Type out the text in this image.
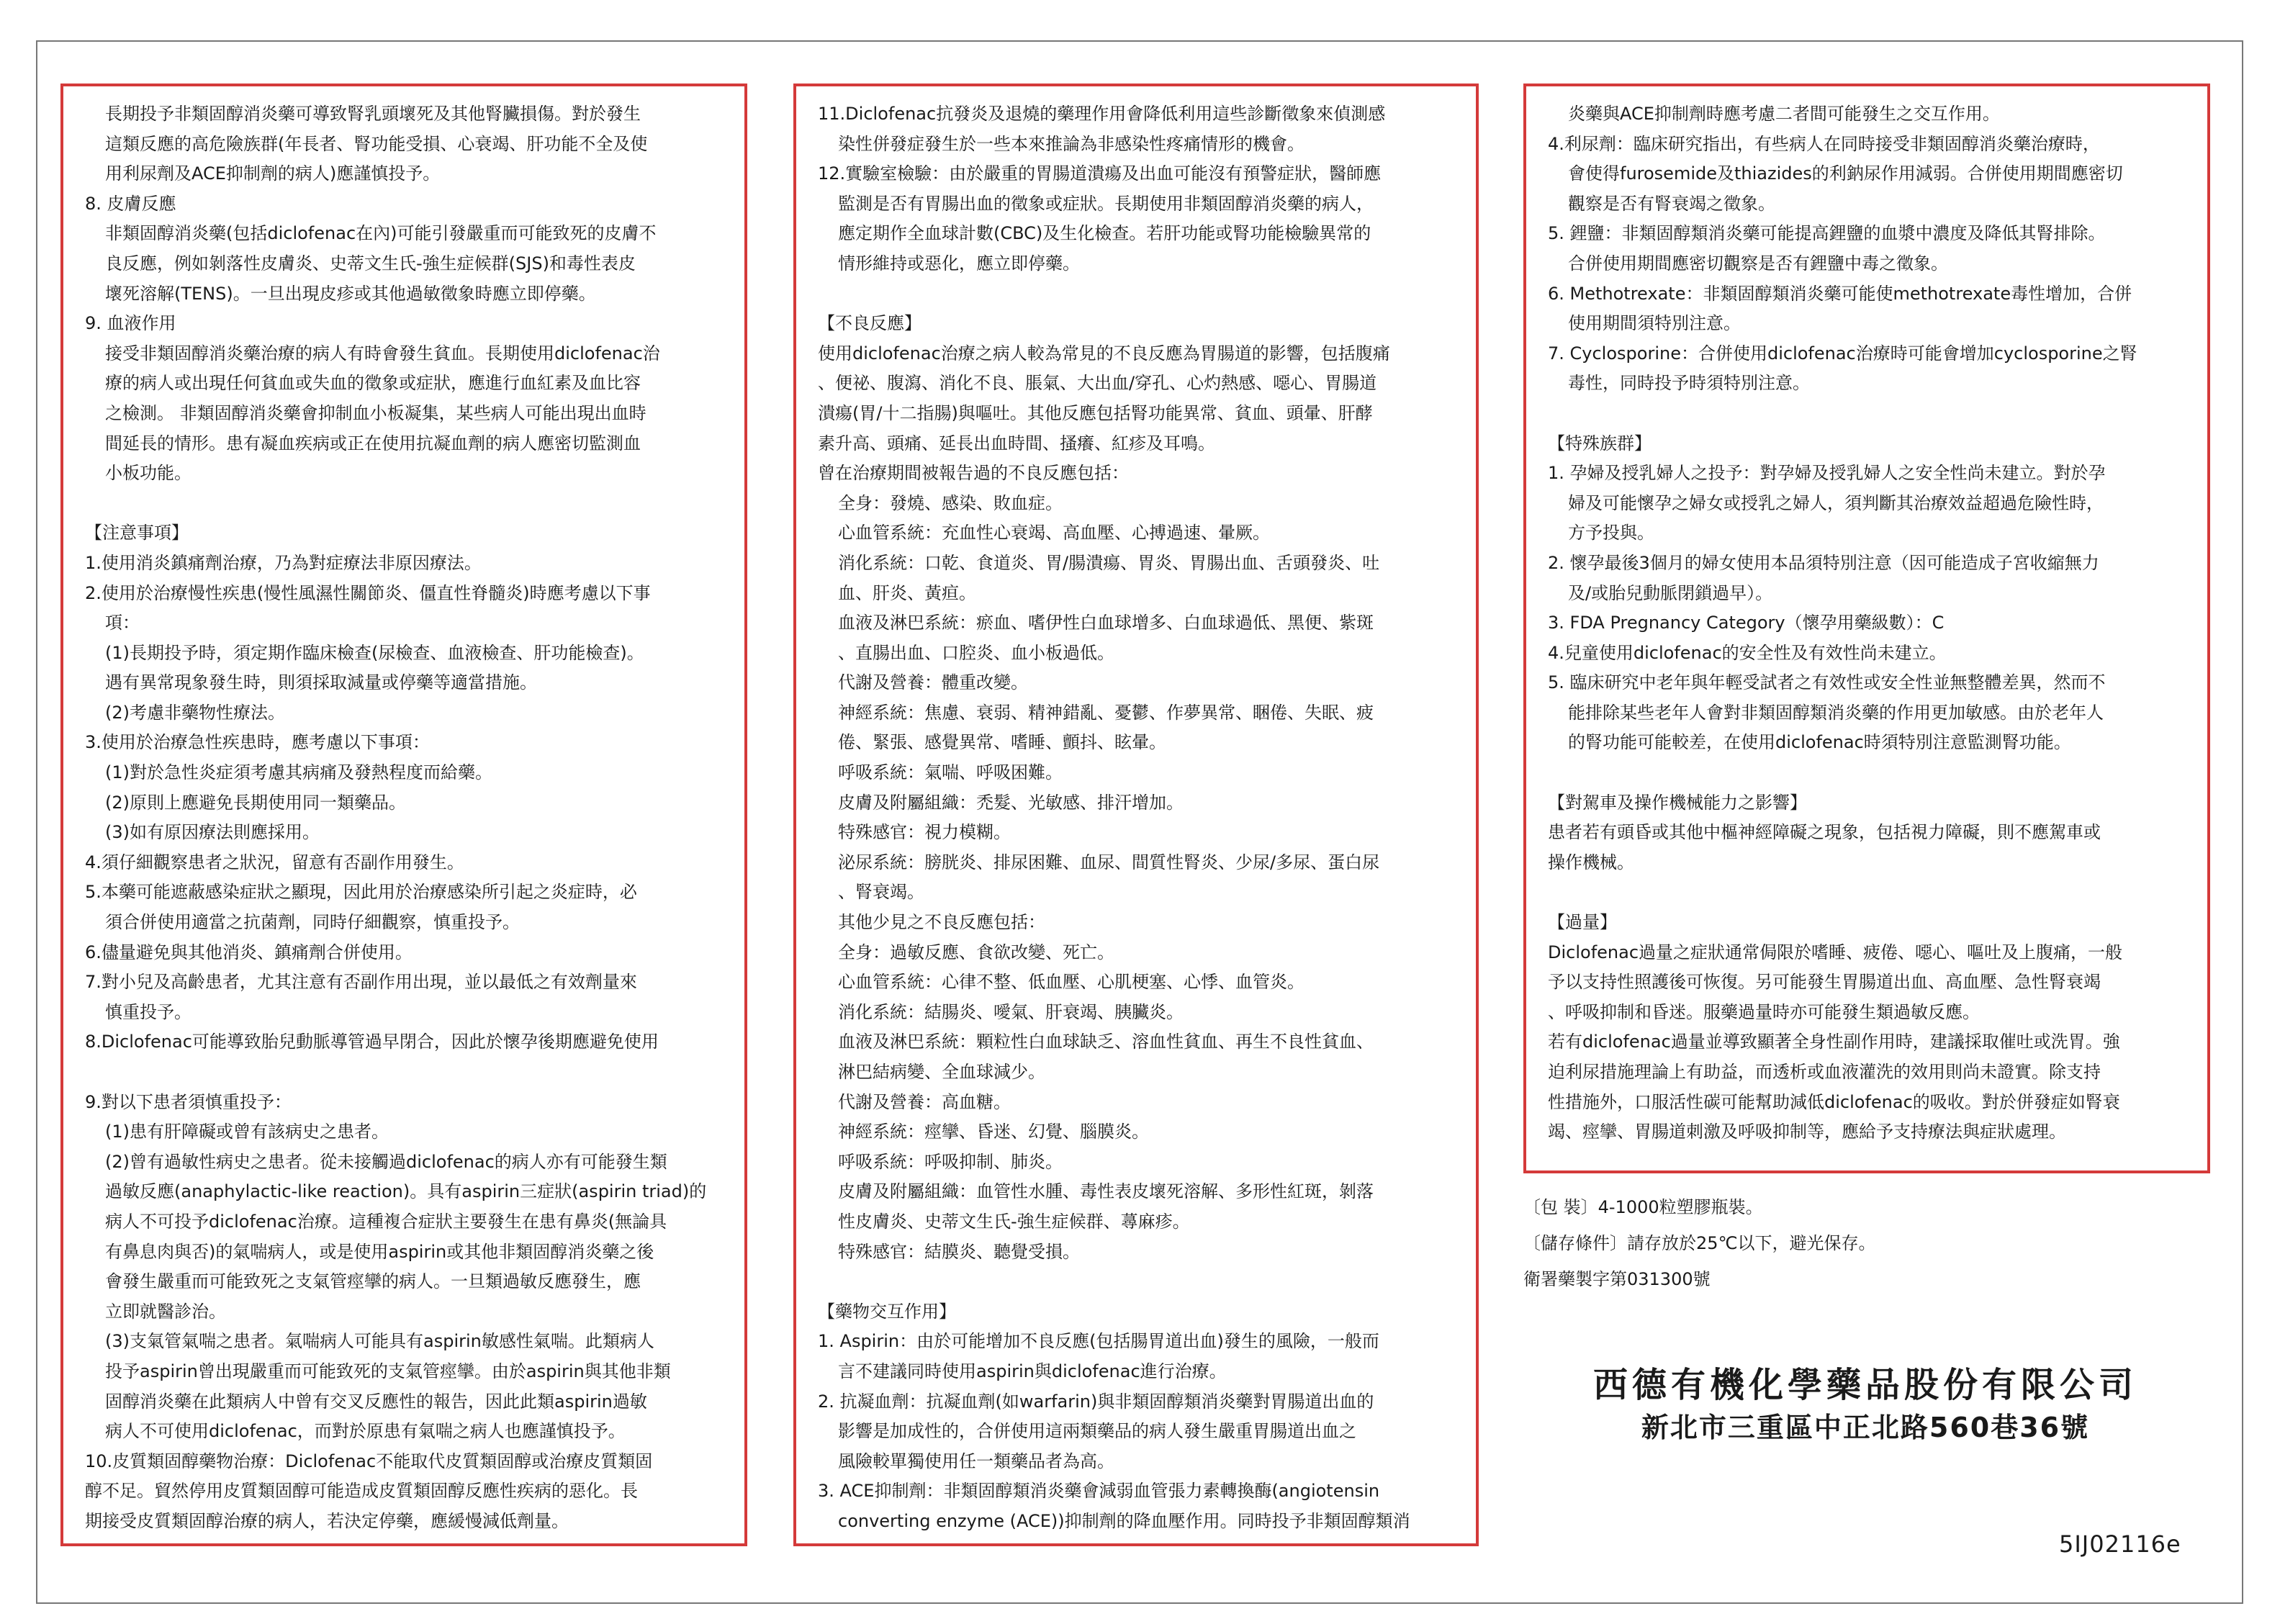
長期投予非類固醇消炎藥可導致腎乳頭壞死及其他腎臟損傷。對於發生
這類反應的高危險族群(年長者、腎功能受損、心衰竭、肝功能不全及使
用利尿劑及ACE抑制劑的病人)應謹慎投予。
8. 皮膚反應
非類固醇消炎藥(包括diclofenac在內)可能引發嚴重而可能致死的皮膚不
良反應，例如剝落性皮膚炎、史蒂文生氏-強生症候群(SJS)和毒性表皮
壞死溶解(TENS)。一旦出現皮疹或其他過敏徵象時應立即停藥。
9. 血液作用
接受非類固醇消炎藥治療的病人有時會發生貧血。長期使用diclofenac治
療的病人或出現任何貧血或失血的徵象或症狀，應進行血紅素及血比容
之檢測。 非類固醇消炎藥會抑制血小板凝集，某些病人可能出現出血時
間延長的情形。患有凝血疾病或正在使用抗凝血劑的病人應密切監測血
小板功能。
【注意事項】
1.使用消炎鎮痛劑治療，乃為對症療法非原因療法。
2.使用於治療慢性疾患(慢性風濕性關節炎、僵直性脊髓炎)時應考慮以下事
項：
(1)長期投予時，須定期作臨床檢查(尿檢查、血液檢查、肝功能檢查)。
遇有異常現象發生時，則須採取減量或停藥等適當措施。
(2)考慮非藥物性療法。
3.使用於治療急性疾患時，應考慮以下事項：
(1)對於急性炎症須考慮其病痛及發熱程度而給藥。
(2)原則上應避免長期使用同一類藥品。
(3)如有原因療法則應採用。
4.須仔細觀察患者之狀況，留意有否副作用發生。
5.本藥可能遮蔽感染症狀之顯現，因此用於治療感染所引起之炎症時，必
須合併使用適當之抗菌劑，同時仔細觀察，慎重投予。
6.儘量避免與其他消炎、鎮痛劑合併使用。
7.對小兒及高齡患者，尤其注意有否副作用出現，並以最低之有效劑量來
慎重投予。
8.Diclofenac可能導致胎兒動脈導管過早閉合，因此於懷孕後期應避免使用
9.對以下患者須慎重投予：
(1)患有肝障礙或曾有該病史之患者。
(2)曾有過敏性病史之患者。從未接觸過diclofenac的病人亦有可能發生類
過敏反應(anaphylactic-like reaction)。具有aspirin三症狀(aspirin triad)的
病人不可投予diclofenac治療。這種複合症狀主要發生在患有鼻炎(無論具
有鼻息肉與否)的氣喘病人，或是使用aspirin或其他非類固醇消炎藥之後
會發生嚴重而可能致死之支氣管痙攣的病人。一旦類過敏反應發生，應
立即就醫診治。
(3)支氣管氣喘之患者。氣喘病人可能具有aspirin敏感性氣喘。此類病人
投予aspirin曾出現嚴重而可能致死的支氣管痙攣。由於aspirin與其他非類
固醇消炎藥在此類病人中曾有交叉反應性的報告，因此此類aspirin過敏
病人不可使用diclofenac，而對於原患有氣喘之病人也應謹慎投予。
10.皮質類固醇藥物治療：Diclofenac不能取代皮質類固醇或治療皮質類固
醇不足。貿然停用皮質類固醇可能造成皮質類固醇反應性疾病的惡化。長
期接受皮質類固醇治療的病人，若決定停藥，應緩慢減低劑量。
11.Diclofenac抗發炎及退燒的藥理作用會降低利用這些診斷徵象來偵測感
染性併發症發生於一些本來推論為非感染性疼痛情形的機會。
12.實驗室檢驗：由於嚴重的胃腸道潰瘍及出血可能沒有預警症狀，醫師應
監測是否有胃腸出血的徵象或症狀。長期使用非類固醇消炎藥的病人，
應定期作全血球計數(CBC)及生化檢查。若肝功能或腎功能檢驗異常的
情形維持或惡化，應立即停藥。
【不良反應】
使用diclofenac治療之病人較為常見的不良反應為胃腸道的影響，包括腹痛
、便祕、腹瀉、消化不良、脹氣、大出血/穿孔、心灼熱感、噁心、胃腸道
潰瘍(胃/十二指腸)與嘔吐。其他反應包括腎功能異常、貧血、頭暈、肝酵
素升高、頭痛、延長出血時間、搔癢、紅疹及耳鳴。
曾在治療期間被報告過的不良反應包括：
全身：發燒、感染、敗血症。
心血管系統：充血性心衰竭、高血壓、心搏過速、暈厥。
消化系統：口乾、食道炎、胃/腸潰瘍、胃炎、胃腸出血、舌頭發炎、吐
血、肝炎、黃疸。
血液及淋巴系統：瘀血、嗜伊性白血球增多、白血球過低、黑便、紫斑
、直腸出血、口腔炎、血小板過低。
代謝及營養：體重改變。
神經系統：焦慮、衰弱、精神錯亂、憂鬱、作夢異常、睏倦、失眠、疲
倦、緊張、感覺異常、嗜睡、顫抖、眩暈。
呼吸系統：氣喘、呼吸困難。
皮膚及附屬組織：禿髮、光敏感、排汗增加。
特殊感官：視力模糊。
泌尿系統：膀胱炎、排尿困難、血尿、間質性腎炎、少尿/多尿、蛋白尿
、腎衰竭。
其他少見之不良反應包括：
全身：過敏反應、食欲改變、死亡。
心血管系統：心律不整、低血壓、心肌梗塞、心悸、血管炎。
消化系統：結腸炎、噯氣、肝衰竭、胰臟炎。
血液及淋巴系統：顆粒性白血球缺乏、溶血性貧血、再生不良性貧血、
淋巴結病變、全血球減少。
代謝及營養：高血糖。
神經系統：痙攣、昏迷、幻覺、腦膜炎。
呼吸系統：呼吸抑制、肺炎。
皮膚及附屬組織：血管性水腫、毒性表皮壞死溶解、多形性紅斑，剝落
性皮膚炎、史蒂文生氏-強生症候群、蕁麻疹。
特殊感官：結膜炎、聽覺受損。
【藥物交互作用】
1. Aspirin：由於可能增加不良反應(包括腸胃道出血)發生的風險，一般而
言不建議同時使用aspirin與diclofenac進行治療。
2. 抗凝血劑：抗凝血劑(如warfarin)與非類固醇類消炎藥對胃腸道出血的
影響是加成性的，合併使用這兩類藥品的病人發生嚴重胃腸道出血之
風險較單獨使用任一類藥品者為高。
3. ACE抑制劑：非類固醇類消炎藥會減弱血管張力素轉換酶(angiotensin
converting enzyme (ACE))抑制劑的降血壓作用。同時投予非類固醇類消
炎藥與ACE抑制劑時應考慮二者間可能發生之交互作用。
4.利尿劑：臨床研究指出，有些病人在同時接受非類固醇消炎藥治療時，
會使得furosemide及thiazides的利鈉尿作用減弱。合併使用期間應密切
觀察是否有腎衰竭之徵象。
5. 鋰鹽：非類固醇類消炎藥可能提高鋰鹽的血漿中濃度及降低其腎排除。
合併使用期間應密切觀察是否有鋰鹽中毒之徵象。
6. Methotrexate：非類固醇類消炎藥可能使methotrexate毒性增加，合併
使用期間須特別注意。
7. Cyclosporine：合併使用diclofenac治療時可能會增加cyclosporine之腎
毒性，同時投予時須特別注意。
【特殊族群】
1. 孕婦及授乳婦人之投予：對孕婦及授乳婦人之安全性尚未建立。對於孕
婦及可能懷孕之婦女或授乳之婦人，須判斷其治療效益超過危險性時，
方予投與。
2. 懷孕最後3個月的婦女使用本品須特別注意（因可能造成子宮收縮無力
及/或胎兒動脈閉鎖過早）。
3. FDA Pregnancy Category（懷孕用藥級數）：C
4.兒童使用diclofenac的安全性及有效性尚未建立。
5. 臨床研究中老年與年輕受試者之有效性或安全性並無整體差異，然而不
能排除某些老年人會對非類固醇類消炎藥的作用更加敏感。由於老年人
的腎功能可能較差，在使用diclofenac時須特別注意監測腎功能。
【對駕車及操作機械能力之影響】
患者若有頭昏或其他中樞神經障礙之現象，包括視力障礙，則不應駕車或
操作機械。
【過量】
Diclofenac過量之症狀通常侷限於嗜睡、疲倦、噁心、嘔吐及上腹痛，一般
予以支持性照護後可恢復。另可能發生胃腸道出血、高血壓、急性腎衰竭
、呼吸抑制和昏迷。服藥過量時亦可能發生類過敏反應。
若有diclofenac過量並導致顯著全身性副作用時，建議採取催吐或洗胃。強
迫利尿措施理論上有助益，而透析或血液灌洗的效用則尚未證實。除支持
性措施外，口服活性碳可能幫助減低diclofenac的吸收。對於併發症如腎衰
竭、痙攣、胃腸道刺激及呼吸抑制等，應給予支持療法與症狀處理。
〔包 裝〕4-1000粒塑膠瓶裝。
〔儲存條件〕請存放於25℃以下，避光保存。
衛署藥製字第031300號
西德有機化學藥品股份有限公司
新北市三重區中正北路560巷36號
5IJ02116e
